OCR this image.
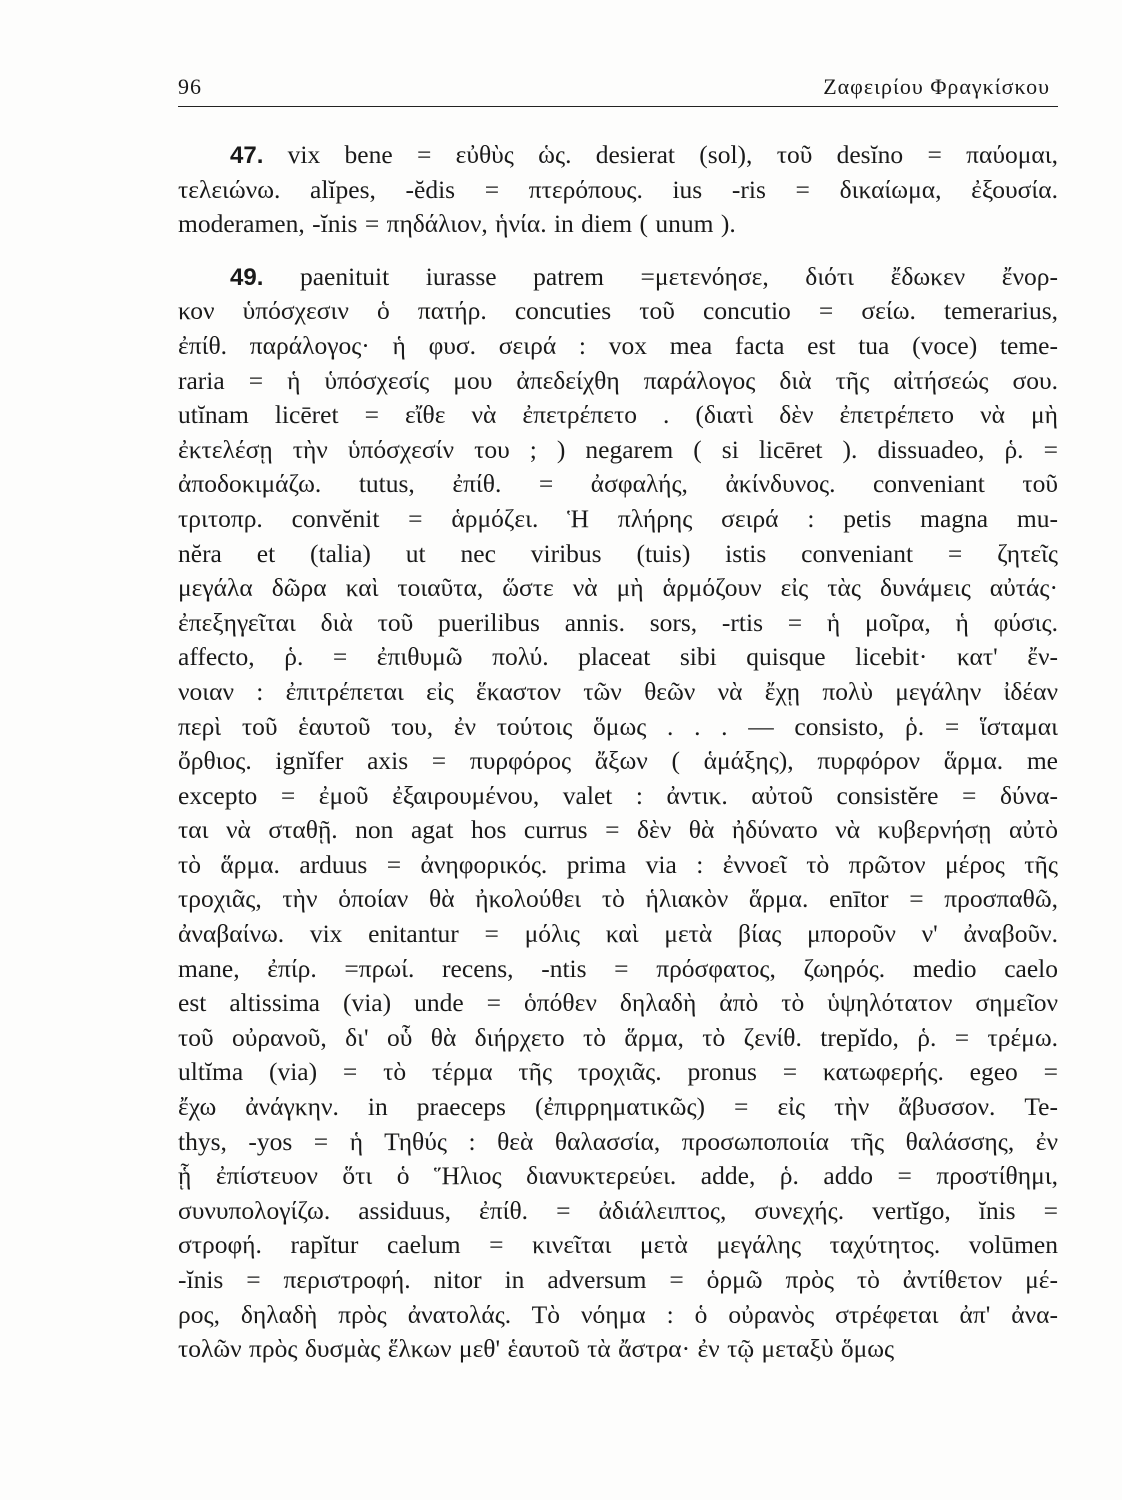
96	Ζαφειρίου Φραγκίσκου
47. vix bene = εὐθὺς ὡς. desierat (sol), τοῦ desĭno = παύομαι,
τελειώνω. alĭpes, -ĕdis = πτερόπους. ius -ris = δικαίωμα, ἐξουσία.
moderamen, -ĭnis = πηδάλιον, ἡνία. in diem ( unum ).
49. paenituit iurasse patrem =μετενόησε, διότι ἔδωκεν ἔνορ-
κον ὑπόσχεσιν ὁ πατήρ. concuties τοῦ concutio = σείω. temerarius,
ἐπίθ. παράλογος· ἡ φυσ. σειρά : vox mea facta est tua (voce) teme-
raria = ἡ ὑπόσχεσίς μου ἀπεδείχθη παράλογος διὰ τῆς αἰτήσεώς σου.
utĭnam licēret = εἴθε νὰ ἐπετρέπετο . (διατὶ δὲν ἐπετρέπετο νὰ μὴ
ἐκτελέσῃ τὴν ὑπόσχεσίν του ; ) negarem ( si licēret ). dissuadeo, ῥ. =
ἀποδοκιμάζω. tutus, ἐπίθ. = ἀσφαλής, ἀκίνδυνος. conveniant τοῦ
τριτοπρ. convĕnit = ἁρμόζει. Ἡ πλήρης σειρά : petis magna mu-
nĕra et (talia) ut nec viribus (tuis) istis conveniant = ζητεῖς
μεγάλα δῶρα καὶ τοιαῦτα, ὥστε νὰ μὴ ἁρμόζουν εἰς τὰς δυνάμεις αὐτάς·
ἐπεξηγεῖται διὰ τοῦ puerilibus annis. sors, -rtis = ἡ μοῖρα, ἡ φύσις.
affecto, ῥ. = ἐπιθυμῶ πολύ. placeat sibi quisque licebit· κατ' ἔν-
νοιαν : ἐπιτρέπεται εἰς ἕκαστον τῶν θεῶν νὰ ἔχῃ πολὺ μεγάλην ἰδέαν
περὶ τοῦ ἑαυτοῦ του, ἐν τούτοις ὅμως . . . — consisto, ῥ. = ἵσταμαι
ὄρθιος. ignĭfer axis = πυρφόρος ἄξων ( ἁμάξης), πυρφόρον ἅρμα. me
excepto = ἐμοῦ ἐξαιρουμένου, valet : ἀντικ. αὐτοῦ consistĕre = δύνα-
ται νὰ σταθῇ. non agat hos currus = δὲν θὰ ἠδύνατο νὰ κυβερνήσῃ αὐτὸ
τὸ ἅρμα. arduus = ἀνηφορικός. prima via : ἐννοεῖ τὸ πρῶτον μέρος τῆς
τροχιᾶς, τὴν ὁποίαν θὰ ἠκολούθει τὸ ἡλιακὸν ἅρμα. enītor = προσπαθῶ,
ἀναβαίνω. vix enitantur = μόλις καὶ μετὰ βίας μποροῦν ν' ἀναβοῦν.
mane, ἐπίρ. =πρωί. recens, -ntis = πρόσφατος, ζωηρός. medio caelo
est altissima (via) unde = ὁπόθεν δηλαδὴ ἀπὸ τὸ ὑψηλότατον σημεῖον
τοῦ οὐρανοῦ, δι' οὗ θὰ διήρχετο τὸ ἅρμα, τὸ ζενίθ. trepĭdo, ῥ. = τρέμω.
ultĭma (via) = τὸ τέρμα τῆς τροχιᾶς. pronus = κατωφερής. egeo =
ἔχω ἀνάγκην. in praeceps (ἐπιρρηματικῶς) = εἰς τὴν ἄβυσσον. Te-
thys, -yos = ἡ Τηθύς : θεὰ θαλασσία, προσωποποιία τῆς θαλάσσης, ἐν
ᾗ ἐπίστευον ὅτι ὁ Ἥλιος διανυκτερεύει. adde, ῥ. addo = προστίθημι,
συνυπολογίζω. assiduus, ἐπίθ. = ἀδιάλειπτος, συνεχής. vertĭgo, ĭnis =
στροφή. rapĭtur caelum = κινεῖται μετὰ μεγάλης ταχύτητος. volūmen
-ĭnis = περιστροφή. nitor in adversum = ὁρμῶ πρὸς τὸ ἀντίθετον μέ-
ρος, δηλαδὴ πρὸς ἀνατολάς. Τὸ νόημα : ὁ οὐρανὸς στρέφεται ἀπ' ἀνα-
τολῶν πρὸς δυσμὰς ἕλκων μεθ' ἑαυτοῦ τὰ ἄστρα· ἐν τῷ μεταξὺ ὅμως
